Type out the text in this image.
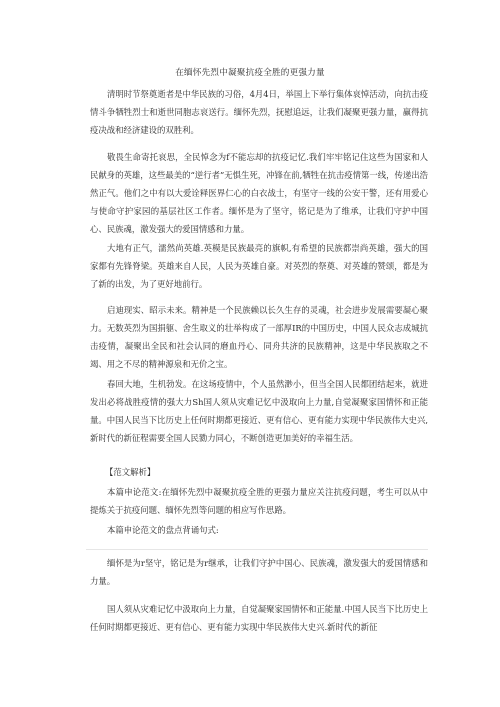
在缅怀先烈中凝聚抗疫全胜的更强力量

清明时节祭奠逝者是中华民族的习俗，4月4日，举国上下举行集体哀悼活动，向抗击疫情斗争牺牲烈士和逝世同胞志哀送行。缅怀先烈，抚慰追远，让我们凝聚更强力量，赢得抗疫决战和经济建设的双胜利。

敬畏生命寄托哀思，全民悼念为f不能忘却的抗疫记忆.我们牢牢铭记住这些为国家和人民献身的英雄，这些最美的“逆行者”无惧生死，冲锋在前,牺牲在抗击疫情第一线，传递出浩然正气。他们之中有以大爱诠释医界仁心的白衣战士，有坚守一线的公安干警，还有用爱心与使命守护家园的基层社区工作者。缅怀是为了坚守，铭记是为了维承，让我们守护中国心、民族魂，激发强大的爱国情感和力量。

大地有正气，濡然尚英雄.英模是民族最亮的旗帜,有希望的民族都崇尚英雄，强大的国家都有先锋脊梁。英雄来自人民，人民为英雄自豪。对英烈的祭奠、对英雄的赞颂，都是为了新的出发，为了更好地前行。

启迪现实、昭示未来。精神是一个民族赖以长久生存的灵魂，社会进步发展需要凝心聚力。无数英烈为国捐躯、舍生取义的壮举构成了一部厚IR的中国历史，中国人民众志成城抗击疫情，凝聚出全民和社会认同的磨血丹心、同舟共济的民族精神，这是中华民族取之不竭、用之不尽的精神源泉和无价之宝。

春回大地，生机勃发。在这场疫情中，个人虽然渺小，但当全国人民都团结起来，就进发出必将战胜疫情的强大力Sh国人须从灾难记忆中汲取向上力量,自觉凝聚家国情怀和正能量。中国人民当下比历史上任何时期都更接近、更有信心、更有能力实现中华民族伟大史兴,新时代的新征程需要全国人民勠力同心，不断创造更加美好的幸福生活。

【范文解析】

本篇申论范文:在缅怀先烈中凝聚抗疫全胜的更强力量应关注抗疫问题，考生可以从中提炼关于抗疫问题、缅怀先烈等问题的相应写作思路。

本篇申论范文的盘点背诵句式:

缅怀是为r坚守，铭记是为r继承，让我们守护中国心、民族魂，激发强大的爱国情感和力量。

国人须从灾难记忆中汲取向上力量，自觉凝聚家国情怀和正能量.中国人民当下比历史上任何时期都更接近、更有信心、更有能力实现中华民族伟大史兴.新时代的新征
